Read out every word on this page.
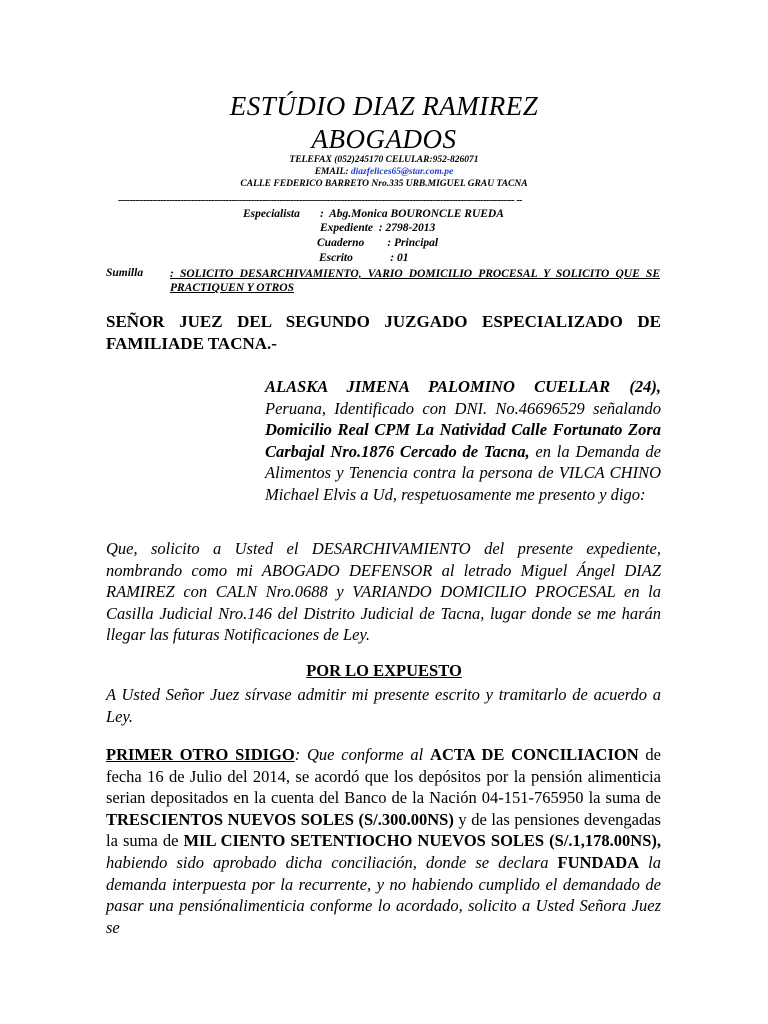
ESTÚDIO DIAZ RAMIREZ
ABOGADOS
TELEFAX (052)245170 CELULAR:952-826071
EMAIL: diazfelices65@star.com.pe
CALLE FEDERICO BARRETO Nro.335 URB.MIGUEL GRAU TACNA
-------------------------------------------------------------------------------------------------------------------------------------------- --
Especialista       :  Abg.Monica BOURONCLE RUEDA
Expediente  : 2798-2013
Cuaderno        : Principal
Escrito             : 01
Sumilla : SOLICITO DESARCHIVAMIENTO, VARIO DOMICILIO PROCESAL Y SOLICITO QUE SE PRACTIQUEN Y OTROS
SEÑOR JUEZ DEL SEGUNDO JUZGADO ESPECIALIZADO DE FAMILIADE TACNA.-
ALASKA JIMENA PALOMINO CUELLAR (24), Peruana, Identificado con DNI. No.46696529 señalando Domicilio Real CPM La Natividad Calle Fortunato Zora Carbajal Nro.1876 Cercado de Tacna, en la Demanda de Alimentos y Tenencia contra la persona de VILCA CHINO Michael Elvis a Ud, respetuosamente me presento y digo:
Que, solicito a Usted el DESARCHIVAMIENTO del presente expediente, nombrando como mi ABOGADO DEFENSOR al letrado Miguel Ángel DIAZ RAMIREZ con CALN Nro.0688 y VARIANDO DOMICILIO PROCESAL en la Casilla Judicial Nro.146 del Distrito Judicial de Tacna, lugar donde se me harán llegar las futuras Notificaciones de Ley.
POR LO EXPUESTO
A Usted Señor Juez sírvase admitir mi presente escrito y tramitarlo de acuerdo a Ley.
PRIMER OTRO SIDIGO: Que conforme al ACTA DE CONCILIACION de fecha 16 de Julio del 2014, se acordó que los depósitos por la pensión alimenticia serian depositados en la cuenta del Banco de la Nación 04-151-765950 la suma de TRESCIENTOS NUEVOS SOLES (S/.300.00NS) y de las pensiones devengadas la suma de MIL CIENTO SETENTIOCHO NUEVOS SOLES (S/.1,178.00NS), habiendo sido aprobado dicha conciliación, donde se declara FUNDADA la demanda interpuesta por la recurrente, y no habiendo cumplido el demandado de pasar una pensiónalimenticia conforme lo acordado, solicito a Usted Señora Juez se
